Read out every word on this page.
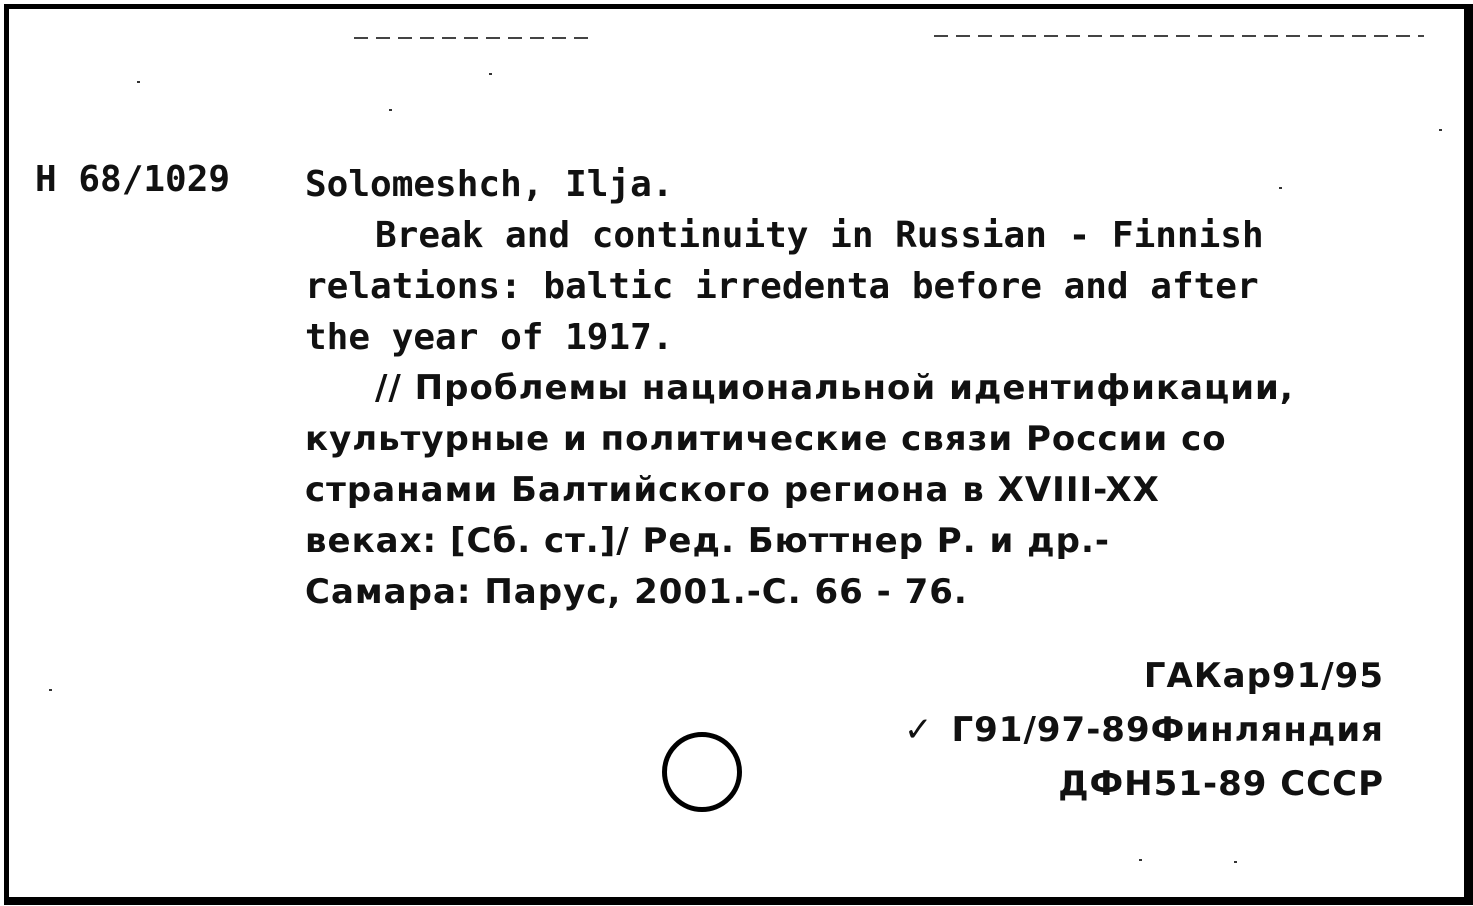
H 68/1029 Solomeshch, Ilja.
Break and continuity in Russian - Finnish
relations: baltic irredenta before and after
the year of 1917.
// Проблемы национальной идентификации,
культурные и политические связи России со
странами Балтийского региона в XVIII-XX
веках: [Сб. ст.]/ Ред. Бюттнер Р. и др.-
Самара: Парус, 2001.-С. 66 - 76.
ГАКар91/95
✓ Г91/97-89Финляндия
ДФН51-89 СССР
